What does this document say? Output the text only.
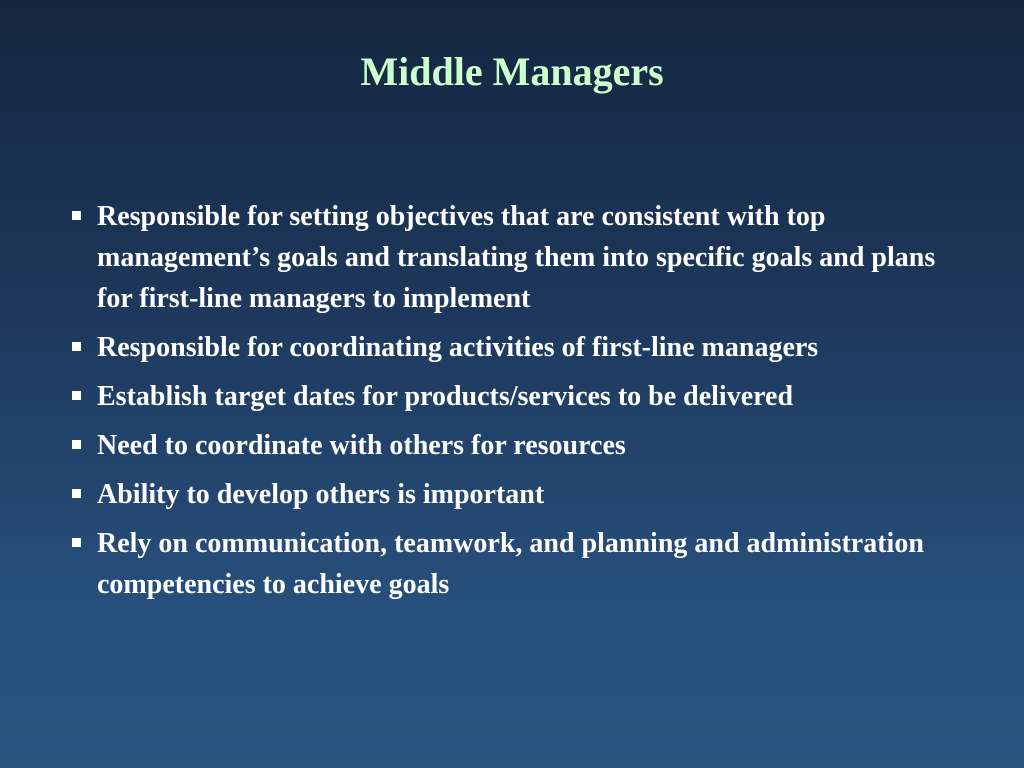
Middle Managers
Responsible for setting objectives that are consistent with top management’s goals and translating them into specific goals and plans for first-line managers to implement
Responsible for coordinating activities of first-line managers
Establish target dates for products/services to be delivered
Need to coordinate with others for resources
Ability to develop others is important
Rely on communication, teamwork, and planning and administration competencies to achieve goals
